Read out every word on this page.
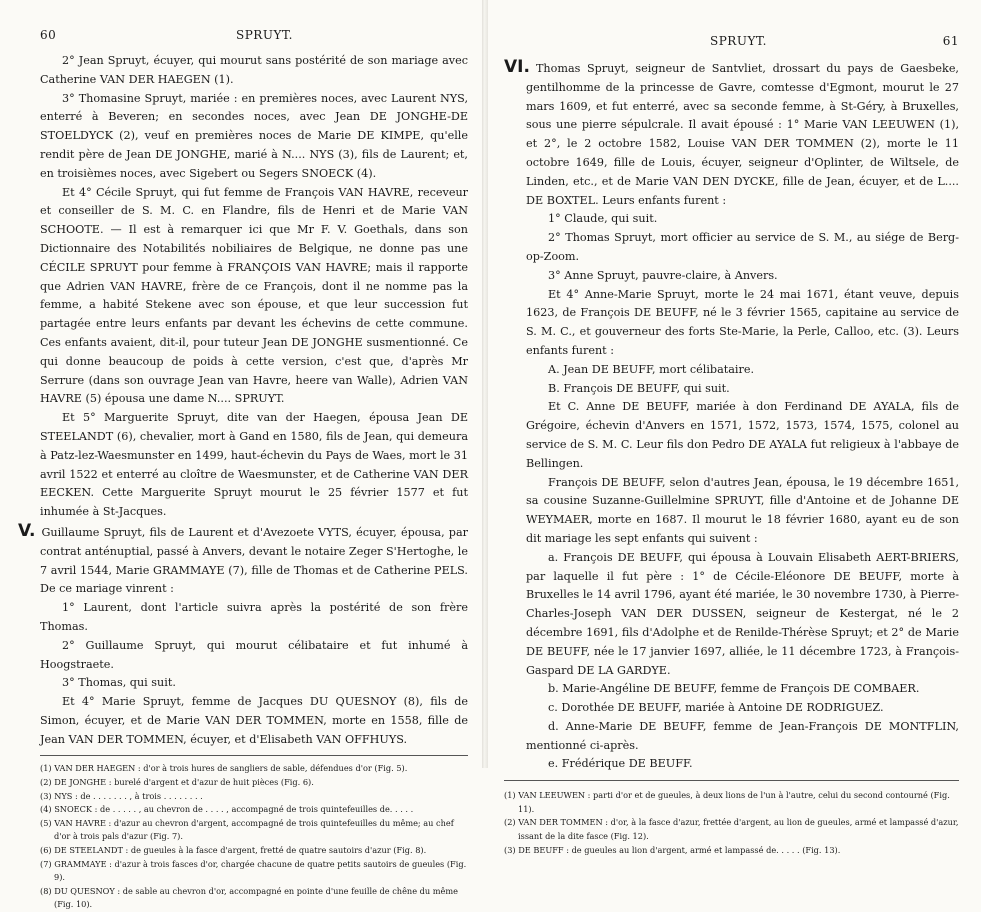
60	SPRUYT.

2° Jean Spruyt, écuyer, qui mourut sans postérité de son mariage avec Catherine VAN DER HAEGEN (1).

3° Thomasine Spruyt, mariée : en premières noces, avec Laurent NYS, enterré à Beveren; en secondes noces, avec Jean DE JONGHE-DE STOELDYCK (2), veuf en premières noces de Marie DE KIMPE, qu'elle rendit père de Jean DE JONGHE, marié à N.... NYS (3), fils de Laurent; et, en troisièmes noces, avec Sigebert ou Segers SNOECK (4).

Et 4° Cécile Spruyt, qui fut femme de François VAN HAVRE, receveur et conseiller de S. M. C. en Flandre, fils de Henri et de Marie VAN SCHOOTE. — Il est à remarquer ici que Mr F. V. Goethals, dans son Dictionnaire des Notabilités nobiliaires de Belgique, ne donne pas une CÉCILE SPRUYT pour femme à FRANÇOIS VAN HAVRE; mais il rapporte que Adrien VAN HAVRE, frère de ce François, dont il ne nomme pas la femme, a habité Stekene avec son épouse, et que leur succession fut partagée entre leurs enfants par devant les échevins de cette commune. Ces enfants avaient, dit-il, pour tuteur Jean DE JONGHE susmentionné. Ce qui donne beaucoup de poids à cette version, c'est que, d'après Mr Serrure (dans son ouvrage Jean van Havre, heere van Walle), Adrien VAN HAVRE (5) épousa une dame N.... SPRUYT.

Et 5° Marguerite Spruyt, dite van der Haegen, épousa Jean DE STEELANDT (6), chevalier, mort à Gand en 1580, fils de Jean, qui demeura à Patz-lez-Waesmunster en 1499, haut-échevin du Pays de Waes, mort le 31 avril 1522 et enterré au cloître de Waesmunster, et de Catherine VAN DER EECKEN. Cette Marguerite Spruyt mourut le 25 février 1577 et fut inhumée à St-Jacques.

V. Guillaume Spruyt, fils de Laurent et d'Avezoete VYTS, écuyer, épousa, par contrat anténuptial, passé à Anvers, devant le notaire Zeger S'Hertoghe, le 7 avril 1544, Marie GRAMMAYE (7), fille de Thomas et de Catherine PELS. De ce mariage vinrent :

1° Laurent, dont l'article suivra après la postérité de son frère Thomas.

2° Guillaume Spruyt, qui mourut célibataire et fut inhumé à Hoogstraete.

3° Thomas, qui suit.

Et 4° Marie Spruyt, femme de Jacques DU QUESNOY (8), fils de Simon, écuyer, et de Marie VAN DER TOMMEN, morte en 1558, fille de Jean VAN DER TOMMEN, écuyer, et d'Elisabeth VAN OFFHUYS.

(1) VAN DER HAEGEN : d'or à trois hures de sangliers de sable, défendues d'or (Fig. 5).

(2) DE JONGHE : burelé d'argent et d'azur de huit pièces (Fig. 6).

(3) NYS : de . . . . . . . , à trois . . . . . . . .

(4) SNOECK : de . . . . . , au chevron de . . . . , accompagné de trois quintefeuilles de. . . . .

(5) VAN HAVRE : d'azur au chevron d'argent, accompagné de trois quintefeuilles du même; au chef d'or à trois pals d'azur (Fig. 7).

(6) DE STEELANDT : de gueules à la fasce d'argent, fretté de quatre sautoirs d'azur (Fig. 8).

(7) GRAMMAYE : d'azur à trois fasces d'or, chargée chacune de quatre petits sautoirs de gueules (Fig. 9).

(8) DU QUESNOY : de sable au chevron d'or, accompagné en pointe d'une feuille de chêne du même (Fig. 10).

SPRUYT.	61

VI. Thomas Spruyt, seigneur de Santvliet, drossart du pays de Gaesbeke, gentilhomme de la princesse de Gavre, comtesse d'Egmont, mourut le 27 mars 1609, et fut enterré, avec sa seconde femme, à St-Géry, à Bruxelles, sous une pierre sépulcrale. Il avait épousé : 1° Marie VAN LEEUWEN (1), et 2°, le 2 octobre 1582, Louise VAN DER TOMMEN (2), morte le 11 octobre 1649, fille de Louis, écuyer, seigneur d'Oplinter, de Wiltsele, de Linden, etc., et de Marie VAN DEN DYCKE, fille de Jean, écuyer, et de L.... DE BOXTEL. Leurs enfants furent :

1° Claude, qui suit.

2° Thomas Spruyt, mort officier au service de S. M., au siége de Berg-op-Zoom.

3° Anne Spruyt, pauvre-claire, à Anvers.

Et 4° Anne-Marie Spruyt, morte le 24 mai 1671, étant veuve, depuis 1623, de François DE BEUFF, né le 3 février 1565, capitaine au service de S. M. C., et gouverneur des forts Ste-Marie, la Perle, Calloo, etc. (3). Leurs enfants furent :

A. Jean DE BEUFF, mort célibataire.

B. François DE BEUFF, qui suit.

Et C. Anne DE BEUFF, mariée à don Ferdinand DE AYALA, fils de Grégoire, échevin d'Anvers en 1571, 1572, 1573, 1574, 1575, colonel au service de S. M. C. Leur fils don Pedro DE AYALA fut religieux à l'abbaye de Bellingen.

François DE BEUFF, selon d'autres Jean, épousa, le 19 décembre 1651, sa cousine Suzanne-Guillelmine SPRUYT, fille d'Antoine et de Johanne DE WEYMAER, morte en 1687. Il mourut le 18 février 1680, ayant eu de son dit mariage les sept enfants qui suivent :

a. François DE BEUFF, qui épousa à Louvain Elisabeth AERT-BRIERS, par laquelle il fut père : 1° de Cécile-Eléonore DE BEUFF, morte à Bruxelles le 14 avril 1796, ayant été mariée, le 30 novembre 1730, à Pierre-Charles-Joseph VAN DER DUSSEN, seigneur de Kestergat, né le 2 décembre 1691, fils d'Adolphe et de Renilde-Thérèse Spruyt; et 2° de Marie DE BEUFF, née le 17 janvier 1697, alliée, le 11 décembre 1723, à François-Gaspard DE LA GARDYE.

b. Marie-Angéline DE BEUFF, femme de François DE COMBAER.

c. Dorothée DE BEUFF, mariée à Antoine DE RODRIGUEZ.

d. Anne-Marie DE BEUFF, femme de Jean-François DE MONTFLIN, mentionné ci-après.

e. Frédérique DE BEUFF.

(1) VAN LEEUWEN : parti d'or et de gueules, à deux lions de l'un à l'autre, celui du second contourné (Fig. 11).

(2) VAN DER TOMMEN : d'or, à la fasce d'azur, frettée d'argent, au lion de gueules, armé et lampassé d'azur, issant de la dite fasce (Fig. 12).

(3) DE BEUFF : de gueules au lion d'argent, armé et lampassé de. . . . . (Fig. 13).
